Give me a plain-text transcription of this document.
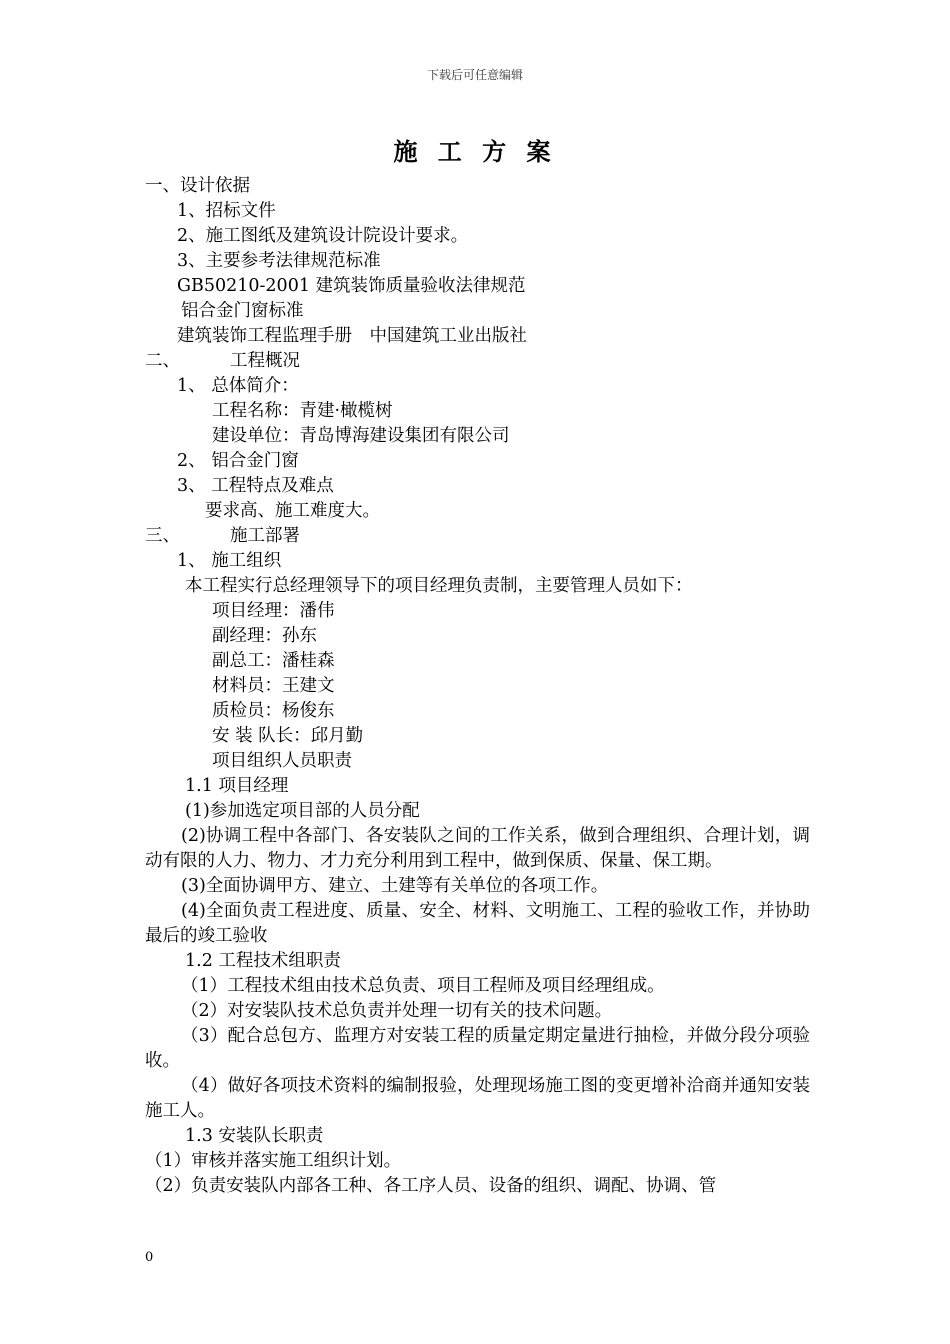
下载后可任意编辑
施 工 方 案
一、设计依据
1、招标文件
2、施工图纸及建筑设计院设计要求。
3、主要参考法律规范标准
GB50210-2001 建筑装饰质量验收法律规范
铝合金门窗标准
建筑装饰工程监理手册　中国建筑工业出版社
二、	工程概况
1、 总体简介：
工程名称：青建·橄榄树
建设单位：青岛博海建设集团有限公司
2、 铝合金门窗
3、 工程特点及难点
要求高、施工难度大。
三、	施工部署
1、 施工组织
本工程实行总经理领导下的项目经理负责制，主要管理人员如下：
项目经理：潘伟
副经理：孙东
副总工：潘桂森
材料员：王建文
质检员：杨俊东
安 装 队长：邱月勤
项目组织人员职责
1.1 项目经理
(1)参加选定项目部的人员分配
(2)协调工程中各部门、各安装队之间的工作关系，做到合理组织、合理计划，调动有限的人力、物力、才力充分利用到工程中，做到保质、保量、保工期。
(3)全面协调甲方、建立、土建等有关单位的各项工作。
(4)全面负责工程进度、质量、安全、材料、文明施工、工程的验收工作，并协助最后的竣工验收
1.2 工程技术组职责
（1）工程技术组由技术总负责、项目工程师及项目经理组成。
（2）对安装队技术总负责并处理一切有关的技术问题。
（3）配合总包方、监理方对安装工程的质量定期定量进行抽检，并做分段分项验收。
（4）做好各项技术资料的编制报验，处理现场施工图的变更增补洽商并通知安装施工人。
1.3 安装队长职责
（1）审核并落实施工组织计划。
（2）负责安装队内部各工种、各工序人员、设备的组织、调配、协调、管
0
